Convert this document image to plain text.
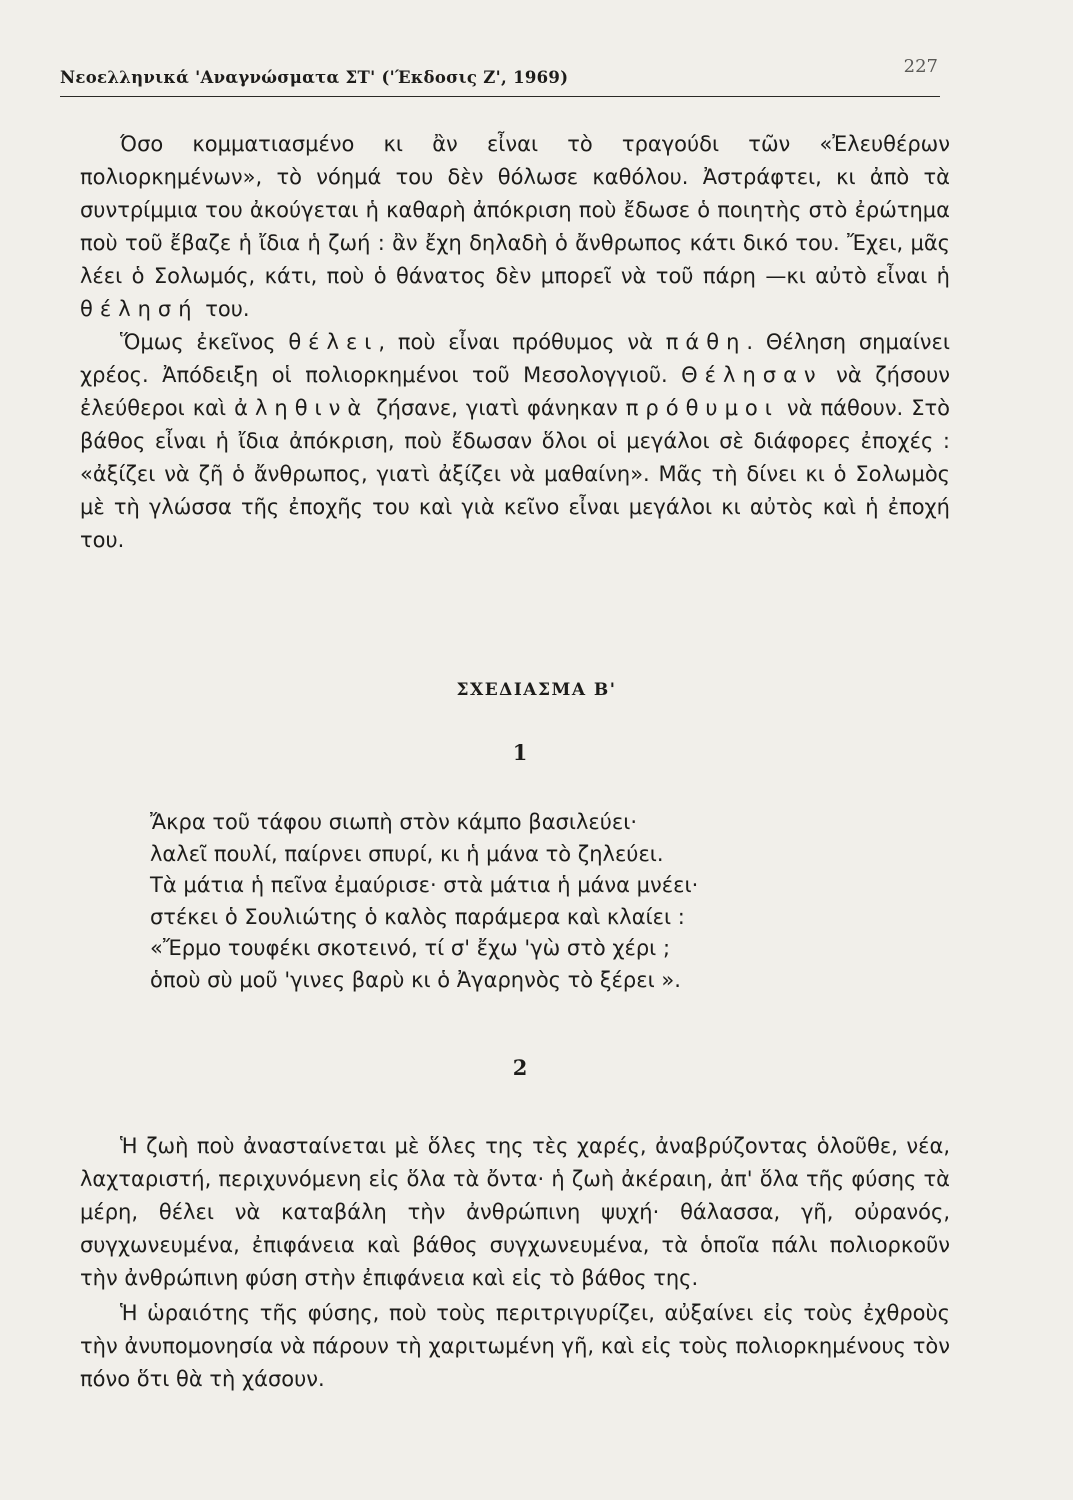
Νεοελληνικά 'Αναγνώσματα ΣΤ' ('Έκδοσις Ζ', 1969)
227

Όσο κομματιασμένο κι ἂν εἶναι τὸ τραγούδι τῶν «Ἐλευθέρων πολιορκημένων», τὸ νόημά του δὲν θόλωσε καθόλου. Ἀστράφτει, κι ἀπὸ τὰ συντρίμμια του ἀκούγεται ἡ καθαρὴ ἀπόκριση ποὺ ἔδωσε ὁ ποιητὴς στὸ ἐρώτημα ποὺ τοῦ ἔβαζε ἡ ἴδια ἡ ζωή : ἂν ἔχη δηλαδὴ ὁ ἄνθρωπος κάτι δικό του. Ἔχει, μᾶς λέει ὁ Σολωμός, κάτι, ποὺ ὁ θάνατος δὲν μπορεῖ νὰ τοῦ πάρη —κι αὐτὸ εἶναι ἡ θέλησή του.

Ὅμως ἐκεῖνος θέλει, ποὺ εἶναι πρόθυμος νὰ πάθη. Θέληση σημαίνει χρέος. Ἀπόδειξη οἱ πολιορκημένοι τοῦ Μεσολογγιοῦ. Θέλησαν νὰ ζήσουν ἐλεύθεροι καὶ ἀληθινὰ ζήσανε, γιατὶ φάνηκαν πρόθυμοι νὰ πάθουν. Στὸ βάθος εἶναι ἡ ἴδια ἀπόκριση, ποὺ ἔδωσαν ὅλοι οἱ μεγάλοι σὲ διάφορες ἐποχές : «ἀξίζει νὰ ζῆ ὁ ἄνθρωπος, γιατὶ ἀξίζει νὰ μαθαίνη». Μᾶς τὴ δίνει κι ὁ Σολωμὸς μὲ τὴ γλώσσα τῆς ἐποχῆς του καὶ γιὰ κεῖνο εἶναι μεγάλοι κι αὐτὸς καὶ ἡ ἐποχή του.

ΣΧΕΔΙΑΣΜΑ Β'
1
Ἄκρα τοῦ τάφου σιωπὴ στὸν κάμπο βασιλεύει·
λαλεῖ πουλί, παίρνει σπυρί, κι ἡ μάνα τὸ ζηλεύει.
Τὰ μάτια ἡ πεῖνα ἐμαύρισε· στὰ μάτια ἡ μάνα μνέει·
στέκει ὁ Σουλιώτης ὁ καλὸς παράμερα καὶ κλαίει :
«Ἔρμο τουφέκι σκοτεινό, τί σ' ἔχω 'γὼ στὸ χέρι ;
ὁποὺ σὺ μοῦ 'γινες βαρὺ κι ὁ Ἀγαρηνὸς τὸ ξέρει ».
2

Ἡ ζωὴ ποὺ ἀνασταίνεται μὲ ὅλες της τὲς χαρές, ἀναβρύζοντας ὁλοῦθε, νέα, λαχταριστή, περιχυνόμενη εἰς ὅλα τὰ ὄντα· ἡ ζωὴ ἀκέραιη, ἀπ' ὅλα τῆς φύσης τὰ μέρη, θέλει νὰ καταβάλη τὴν ἀνθρώπινη ψυχή· θάλασσα, γῆ, οὐρανός, συγχωνευμένα, ἐπιφάνεια καὶ βάθος συγχωνευμένα, τὰ ὁποῖα πάλι πολιορκοῦν τὴν ἀνθρώπινη φύση στὴν ἐπιφάνεια καὶ εἰς τὸ βάθος της.

Ἡ ὡραιότης τῆς φύσης, ποὺ τοὺς περιτριγυρίζει, αὐξαίνει εἰς τοὺς ἐχθροὺς τὴν ἀνυπομονησία νὰ πάρουν τὴ χαριτωμένη γῆ, καὶ εἰς τοὺς πολιορκημένους τὸν πόνο ὅτι θὰ τὴ χάσουν.
